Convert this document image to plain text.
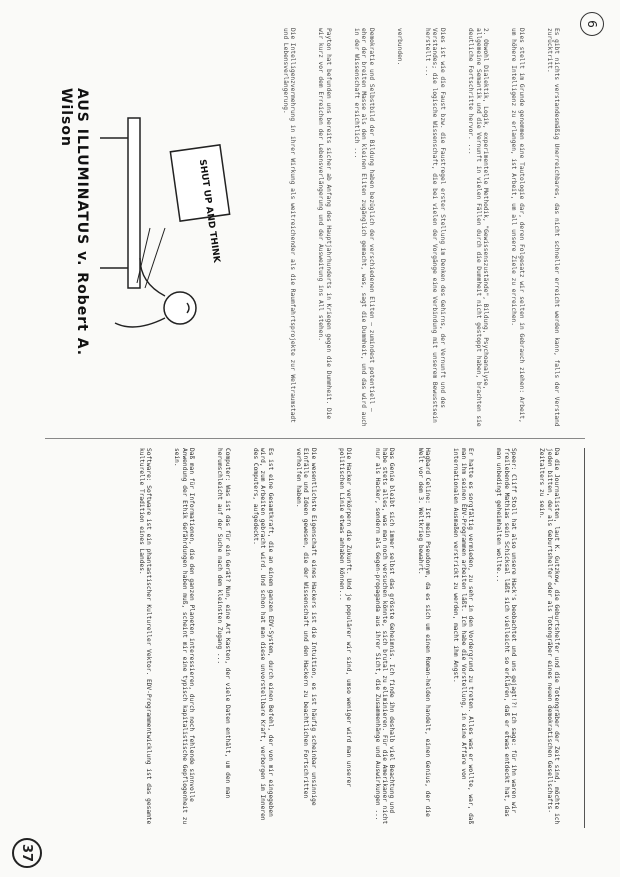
Es gibt nichts verstandesmäßig Unerreichbares, das nicht schneller erreicht werden kann, falls der Verstand zurücktritt.

Dies stellt im Grunde genommen eine Tautologie dar, deren Folgesatz wir selten in Gebrauch ziehen: Arbeit, um höhere Intelligenz zu erlangen, ist Arbeit, um all unsere Ziele zu erreichen.

2. Obwohl Dialektik, Logik, experimentelle Methodik, "Gewissenszustände", Bildung, Psychoanalyse, allgemeine Semantik und die Vernunft in vielen Fällen durch die Dummheit nicht gestoppt haben, brachten sie deutliche Fortschritte hervor. ...

Dies ist wie die Faust bzw. die Faustregel erster Stellung im Denken des Gehirns, der Vernunft und des Verstandes; die logische Wissenschaft, die bei vielen der Vorgänge eine Verbindung mit unserem Bewusstsein herstellt ...

verbunden.

Demokratie und Selbstbild der Bildung haben bezüglich der verschiedenen Eliten — zumindest potentiell — eher der breiten Masse als den kleinen Eliten zugänglich gemacht, was, sagt die Dummheit, und das wird auch in der Wissenschaft ersichtlich ...

Payton hat befunden uns bereits sicher ab Anfang des Hauptjahrhunderts in Kriegen gegen die Dummheit. Die wir kurz vor dem Erreichen der Lebensverlängerung und der Ausweitung ins All stehen.

Die Intelligenzvermehrung in ihrer Wirkung als weitreichender als die Raumfahrtsprojekte zur Weltraumstadt und Lebensverlängerung.

SHUT UP AND THINK
AUS ILLUMINATUS v. Robert A. Wilson

Da die Journalisten, laut K. Gutzkow, die Geburtshelfer und die Totengräber der Zeit sind, möchte ich jeden bitten, der als Geburtshelfer oder als Totengräber eines neuen demokratischen Gesellschafts-Zeitalters zu sein.

Speer: Cliff Stoll hat also unsere Hack's beobachtet und uns gejagt!?! Ich sage: für ihn waren wir freilebende Mathias sein Schicksal läßt sich vielleicht so erklären, daß er etwas entdeckt hat, das man unbedingt geheimhalten wollte...

Er hatte es sorgfältig vermieden, zu sehr in den Vordergrund zu treten. Alles was er wollte, war, daß man ihm seinen EDV-Programmen arbeiten läßt. Ich habe die Vorstellung, in eine Affäre von internationalen Ausmaßen verstrickt zu werden, macht ihm Angst.

Hagbard Celine: Ist mein Pseudonym, da es sich um einen Roman-helden handelt, einen Genius, der die Welt vor dem 3. Weltkrieg bewahrt.

Das Genie bleibt sich immer selbst das grösste Geheimnis. Ich finde ihn deshalb viel Beachtung und habe stets alles, was man noch versuchen könnte, sich brutal zu eliminieren. Für die Amerikaner nicht nur als Hacker, sondern als Gegen-propaganda aus ihrer Sicht, die Zusammenhänge und Auswirkungen ...

Die Hacker verkörpern die Zukunft. Und je populärer wir sind, umso weniger wird man unserer politischen Linie etwas anhaben können...

Die wesentlichste Eigenschaft eines Hackers ist die Intuition, es ist häufig scheinbar unsinnige Einfälle und Ideen gewesen, die der Wissenschaft und den Hackern zu beachtlichen Fortschritten verholfen haben.

Es ist eine Gesamtkraft, die an einem ganzen EDV-System, durch einen Befehl, der von mir eingegeben wird, zum Arbeiten gebracht wird. Und schon hat man diese unvorstellbare Kraft, verborgen im Inneren des Computers, aufgedeckt.

Computer: Was ist das für ein Gerät? Nun, eine Art Kasten, der viele Daten enthält, um den man herumschleicht auf der Suche nach dem kleinsten Zugang ...

Daß man für Informationen, die den ganzen Planeten interessieren, durch noch fehlende sinnvolle Anwendung der Ethik Gefährdungen haben muß, scheint mir eine typisch kapitalistische Gepflogenheit zu sein.

Software: Software ist ein phantastischer Kultureller Vektor. EDV-Programmentwicklung ist das gesamte kulturelle Tradition eines Landes.

37
6
